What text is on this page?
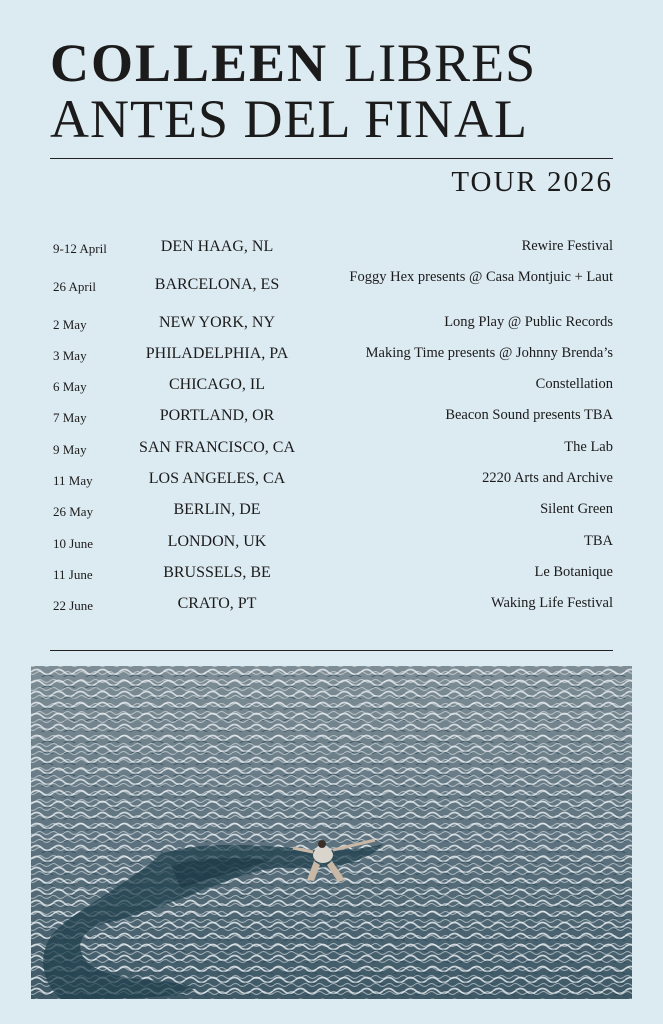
COLLEEN LIBRES
ANTES DEL FINAL
TOUR 2026
9-12 April	DEN HAAG, NL	Rewire Festival
26 April	BARCELONA, ES	Foggy Hex presents @ Casa Montjuic + Laut
2 May	NEW YORK, NY	Long Play @ Public Records
3 May	PHILADELPHIA, PA	Making Time presents @ Johnny Brenda’s
6 May	CHICAGO, IL	Constellation
7 May	PORTLAND, OR	Beacon Sound presents TBA
9 May	SAN FRANCISCO, CA	The Lab
11 May	LOS ANGELES, CA	2220 Arts and Archive
26 May	BERLIN, DE	Silent Green
10 June	LONDON, UK	TBA
11 June	BRUSSELS, BE	Le Botanique
22 June	CRATO, PT	Waking Life Festival
